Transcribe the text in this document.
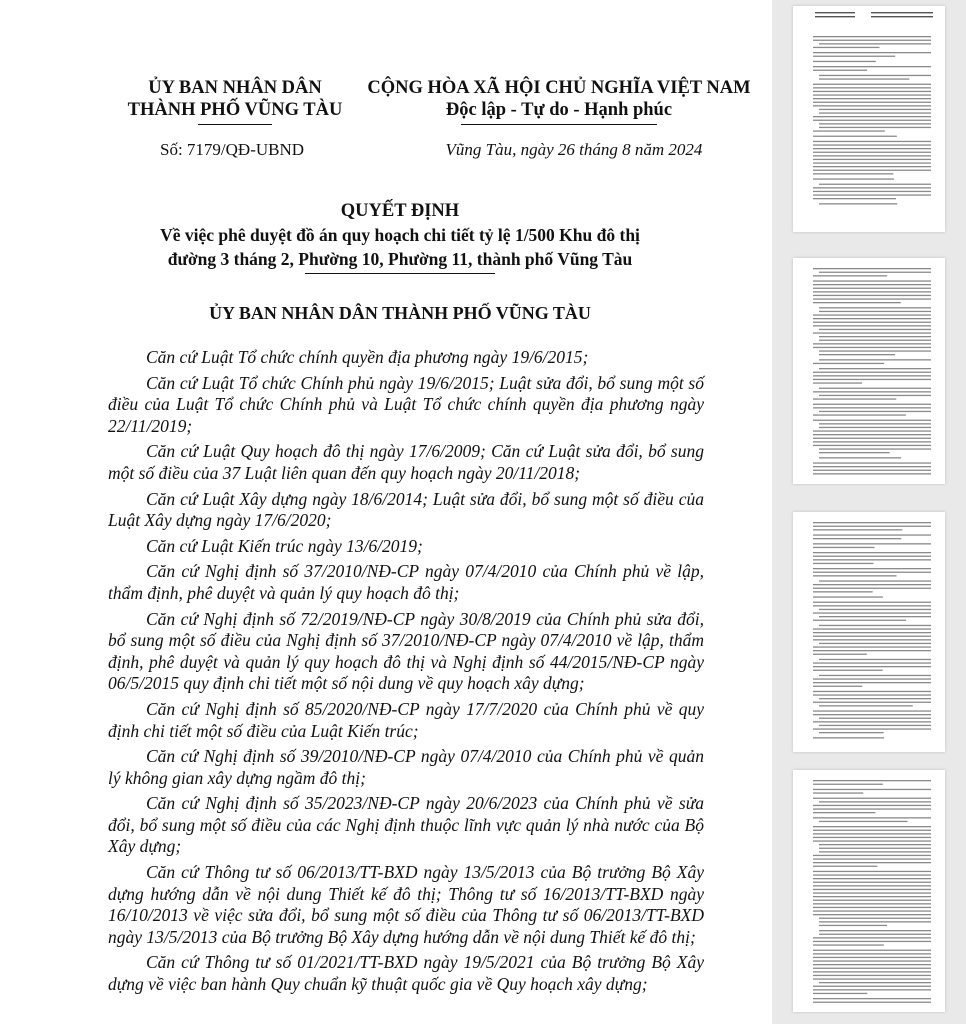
ỦY BAN NHÂN DÂN
THÀNH PHỐ VŨNG TÀU
CỘNG HÒA XÃ HỘI CHỦ NGHĨA VIỆT NAM
Độc lập - Tự do - Hạnh phúc
Số: 7179/QĐ-UBND	Vũng Tàu, ngày 26 tháng 8 năm 2024
QUYẾT ĐỊNH
Về việc phê duyệt đồ án quy hoạch chi tiết tỷ lệ 1/500 Khu đô thị
đường 3 tháng 2, Phường 10, Phường 11, thành phố Vũng Tàu
ỦY BAN NHÂN DÂN THÀNH PHỐ VŨNG TÀU

Căn cứ Luật Tổ chức chính quyền địa phương ngày 19/6/2015;

Căn cứ Luật Tổ chức Chính phủ ngày 19/6/2015; Luật sửa đổi, bổ sung một số điều của Luật Tổ chức Chính phủ và Luật Tổ chức chính quyền địa phương ngày 22/11/2019;

Căn cứ Luật Quy hoạch đô thị ngày 17/6/2009; Căn cứ Luật sửa đổi, bổ sung một số điều của 37 Luật liên quan đến quy hoạch ngày 20/11/2018;

Căn cứ Luật Xây dựng ngày 18/6/2014; Luật sửa đổi, bổ sung một số điều của Luật Xây dựng ngày 17/6/2020;

Căn cứ Luật Kiến trúc ngày 13/6/2019;

Căn cứ Nghị định số 37/2010/NĐ-CP ngày 07/4/2010 của Chính phủ về lập, thẩm định, phê duyệt và quản lý quy hoạch đô thị;

Căn cứ Nghị định số 72/2019/NĐ-CP ngày 30/8/2019 của Chính phủ sửa đổi, bổ sung một số điều của Nghị định số 37/2010/NĐ-CP ngày 07/4/2010 về lập, thẩm định, phê duyệt và quản lý quy hoạch đô thị và Nghị định số 44/2015/NĐ-CP ngày 06/5/2015 quy định chi tiết một số nội dung về quy hoạch xây dựng;

Căn cứ Nghị định số 85/2020/NĐ-CP ngày 17/7/2020 của Chính phủ về quy định chi tiết một số điều của Luật Kiến trúc;

Căn cứ Nghị định số 39/2010/NĐ-CP ngày 07/4/2010 của Chính phủ về quản lý không gian xây dựng ngầm đô thị;

Căn cứ Nghị định số 35/2023/NĐ-CP ngày 20/6/2023 của Chính phủ về sửa đổi, bổ sung một số điều của các Nghị định thuộc lĩnh vực quản lý nhà nước của Bộ Xây dựng;

Căn cứ Thông tư số 06/2013/TT-BXD ngày 13/5/2013 của Bộ trưởng Bộ Xây dựng hướng dẫn về nội dung Thiết kế đô thị; Thông tư số 16/2013/TT-BXD ngày 16/10/2013 về việc sửa đổi, bổ sung một số điều của Thông tư số 06/2013/TT-BXD ngày 13/5/2013 của Bộ trưởng Bộ Xây dựng hướng dẫn về nội dung Thiết kế đô thị;

Căn cứ Thông tư số 01/2021/TT-BXD ngày 19/5/2021 của Bộ trưởng Bộ Xây dựng về việc ban hành Quy chuẩn kỹ thuật quốc gia về Quy hoạch xây dựng;
